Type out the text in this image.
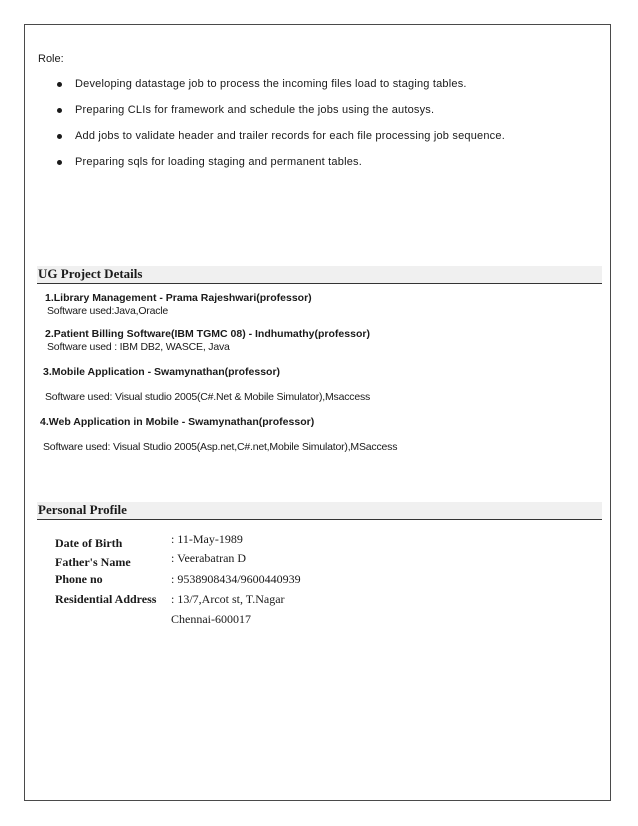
Role:
Developing datastage job to process the incoming files load to staging tables.
Preparing CLIs for framework and schedule the jobs using the autosys.
Add jobs to validate header and trailer records for each file processing job sequence.
Preparing sqls for loading staging and permanent tables.
UG Project Details
1.Library Management - Prama Rajeshwari(professor)
Software used:Java,Oracle
2.Patient Billing Software(IBM TGMC 08) - Indhumathy(professor)
Software used : IBM DB2, WASCE, Java
3.Mobile Application - Swamynathan(professor)
Software used: Visual studio 2005(C#.Net & Mobile Simulator),Msaccess
4.Web Application in Mobile - Swamynathan(professor)
Software used: Visual Studio 2005(Asp.net,C#.net,Mobile Simulator),MSaccess
Personal Profile
Date of Birth	: 11-May-1989
Father's Name	: Veerabatran D
Phone no	: 9538908434/9600440939
Residential Address : 13/7,Arcot st, T.Nagar
Chennai-600017
